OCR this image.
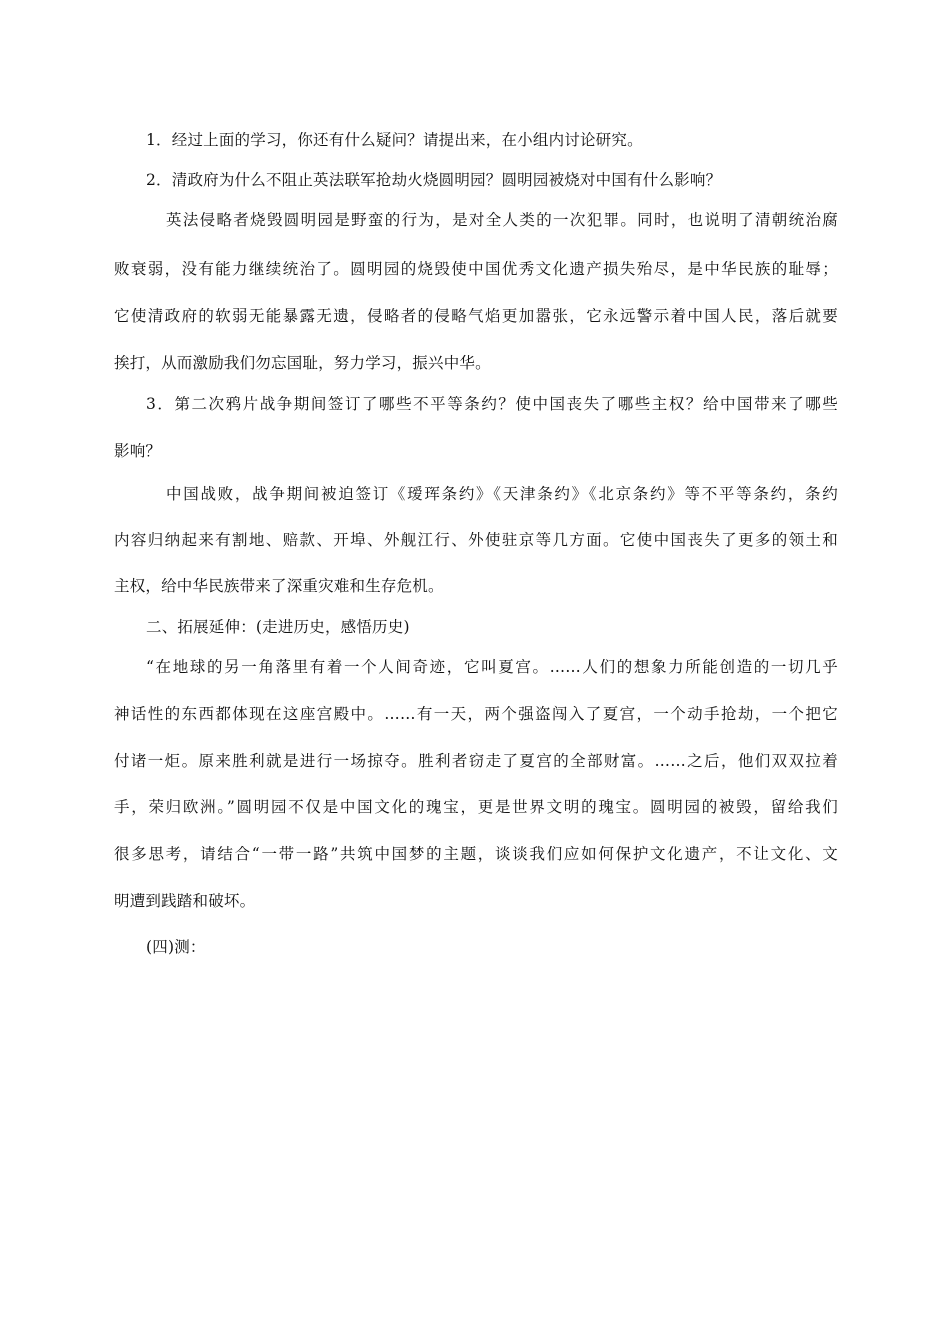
1．经过上面的学习，你还有什么疑问？请提出来，在小组内讨论研究。
2．清政府为什么不阻止英法联军抢劫火烧圆明园？圆明园被烧对中国有什么影响？
英法侵略者烧毁圆明园是野蛮的行为，是对全人类的一次犯罪。同时，也说明了清朝统治腐
败衰弱，没有能力继续统治了。圆明园的烧毁使中国优秀文化遗产损失殆尽，是中华民族的耻辱；
它使清政府的软弱无能暴露无遗，侵略者的侵略气焰更加嚣张，它永远警示着中国人民，落后就要
挨打，从而激励我们勿忘国耻，努力学习，振兴中华。
3．第二次鸦片战争期间签订了哪些不平等条约？使中国丧失了哪些主权？给中国带来了哪些
影响？
中国战败，战争期间被迫签订《瑷珲条约》《天津条约》《北京条约》等不平等条约，条约
内容归纳起来有割地、赔款、开埠、外舰江行、外使驻京等几方面。它使中国丧失了更多的领土和
主权，给中华民族带来了深重灾难和生存危机。
二、拓展延伸：(走进历史，感悟历史)
“在地球的另一角落里有着一个人间奇迹，它叫夏宫。……人们的想象力所能创造的一切几乎
神话性的东西都体现在这座宫殿中。……有一天，两个强盗闯入了夏宫，一个动手抢劫，一个把它
付诸一炬。原来胜利就是进行一场掠夺。胜利者窃走了夏宫的全部财富。……之后，他们双双拉着
手，荣归欧洲。”圆明园不仅是中国文化的瑰宝，更是世界文明的瑰宝。圆明园的被毁，留给我们
很多思考，请结合“一带一路”共筑中国梦的主题，谈谈我们应如何保护文化遗产，不让文化、文
明遭到践踏和破坏。
(四)测：
